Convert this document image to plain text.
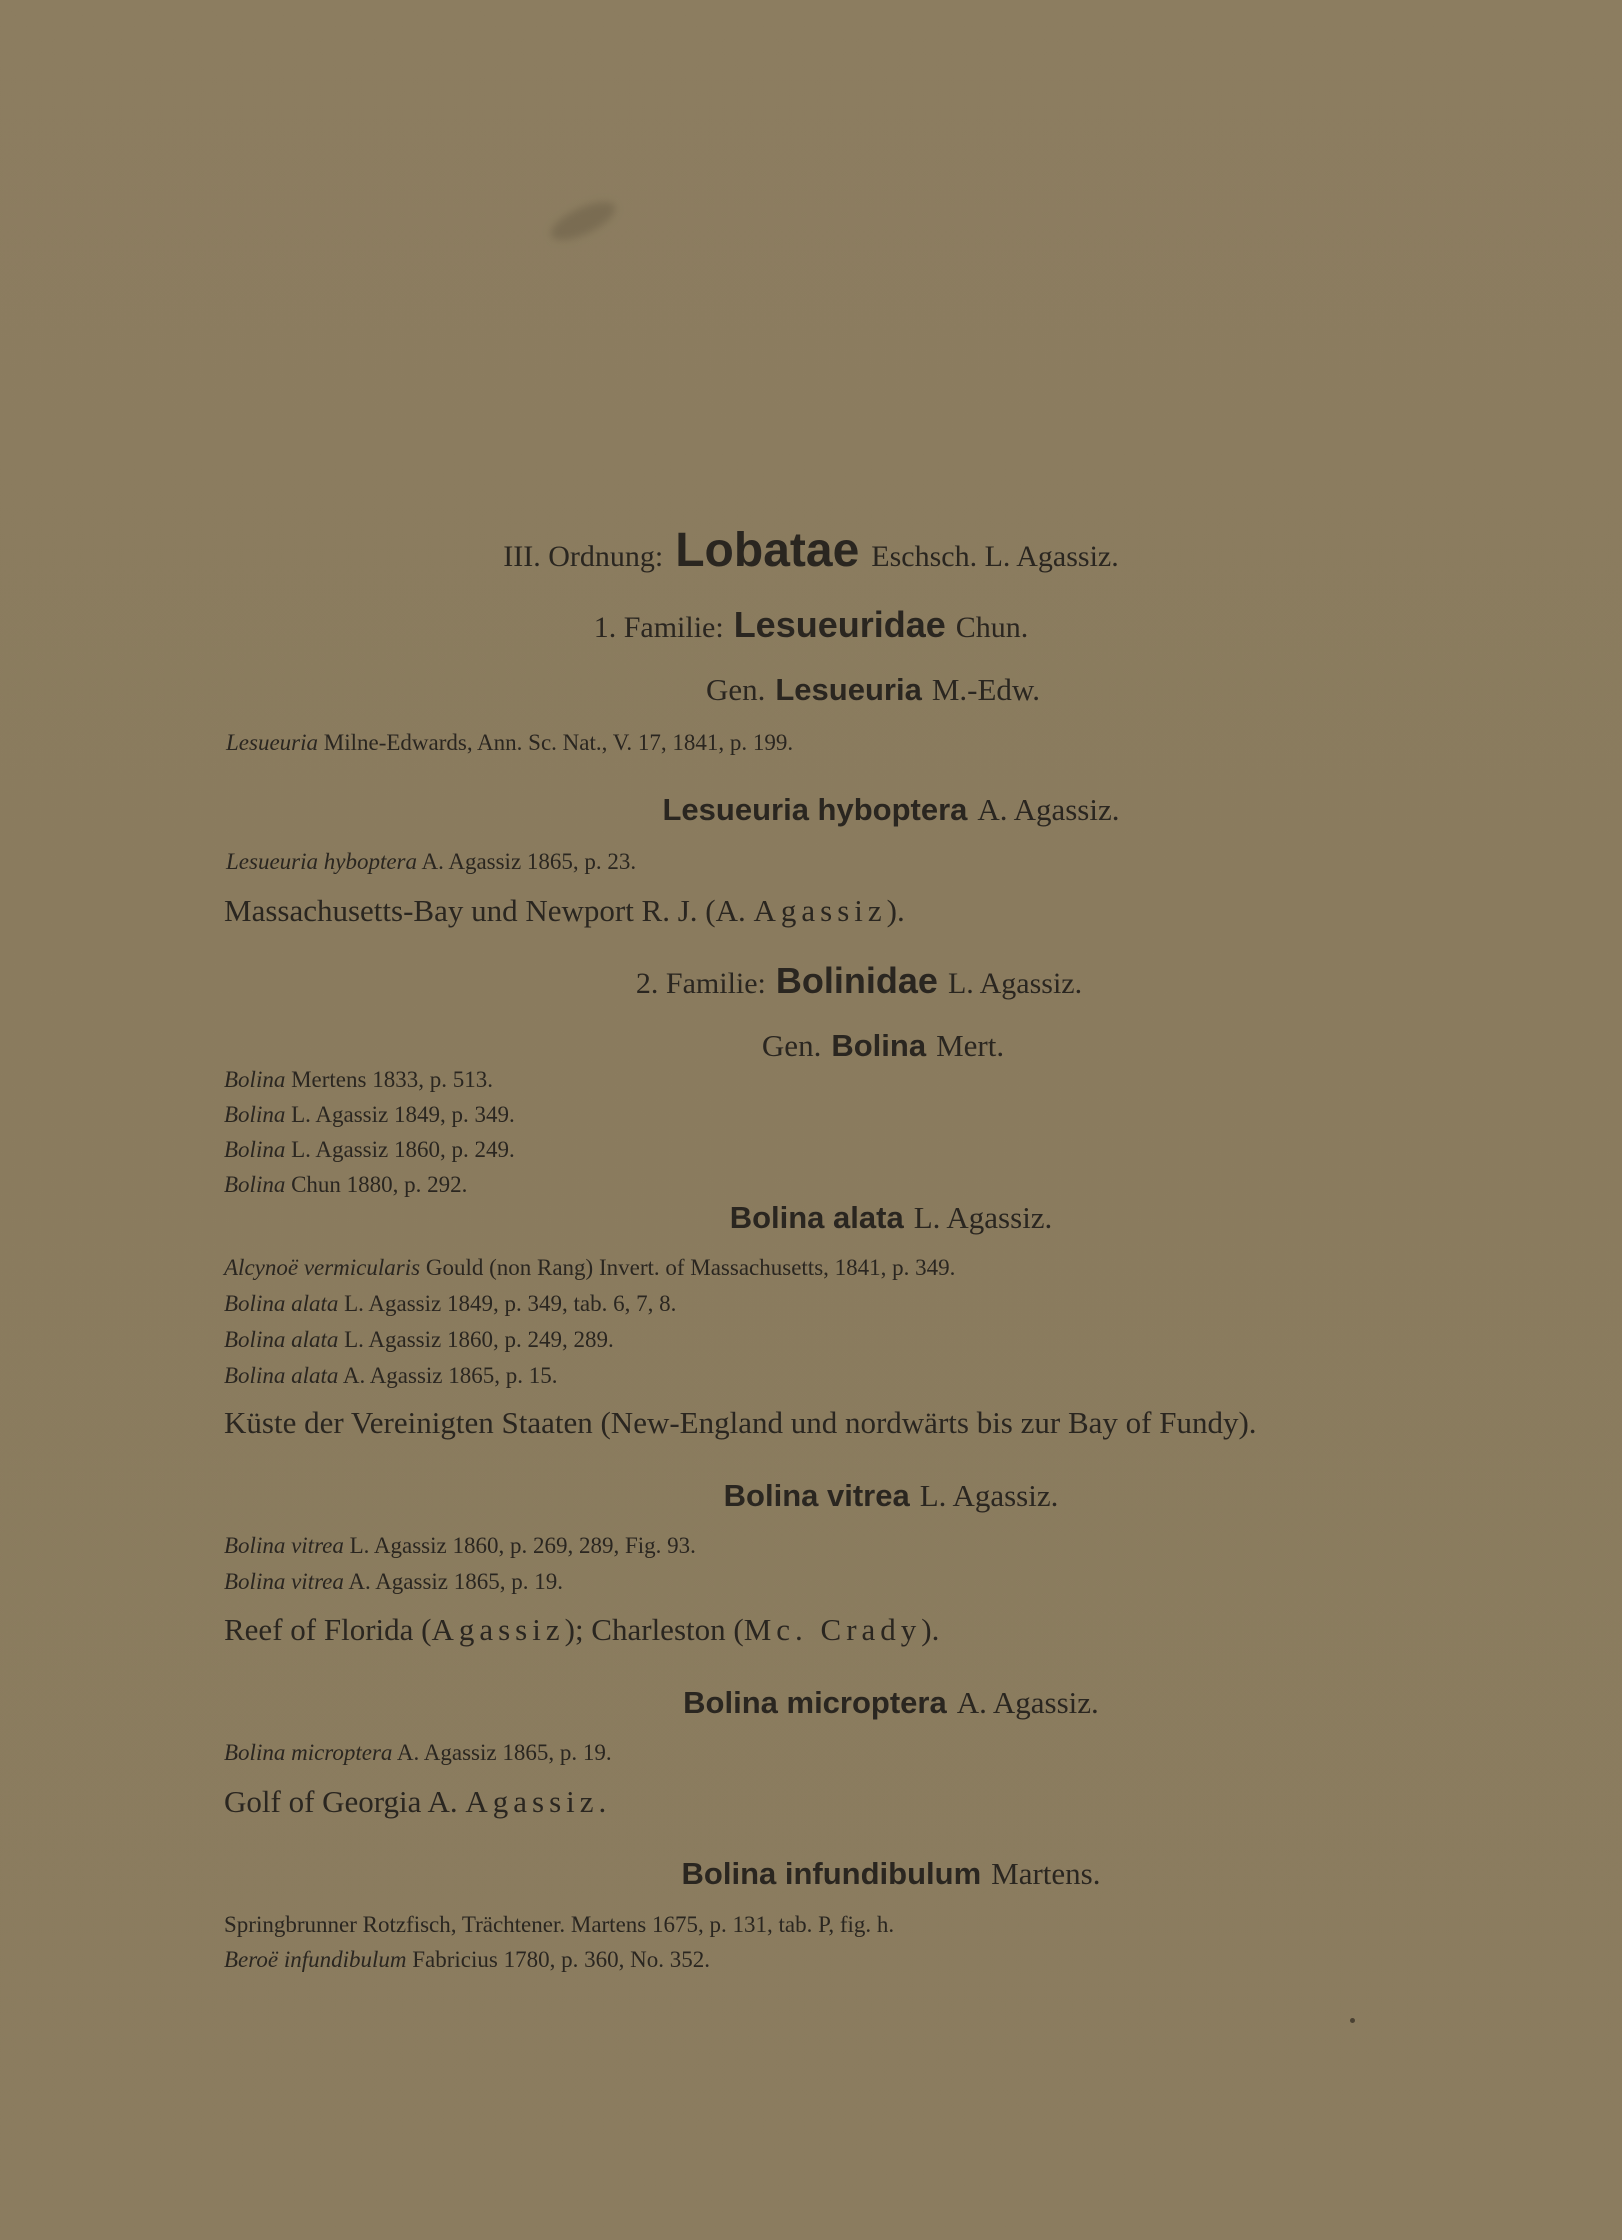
III. Ordnung: Lobatae Eschsch. L. Agassiz.
1. Familie: Lesueuridae Chun.
Gen. Lesueuria M.-Edw.
Lesueuria Milne-Edwards, Ann. Sc. Nat., V. 17, 1841, p. 199.
Lesueuria hyboptera A. Agassiz.
Lesueuria hyboptera A. Agassiz 1865, p. 23.
Massachusetts-Bay und Newport R. J. (A. Agassiz).
2. Familie: Bolinidae L. Agassiz.
Gen. Bolina Mert.
Bolina Mertens 1833, p. 513.
Bolina L. Agassiz 1849, p. 349.
Bolina L. Agassiz 1860, p. 249.
Bolina Chun 1880, p. 292.
Bolina alata L. Agassiz.
Alcynoë vermicularis Gould (non Rang) Invert. of Massachusetts, 1841, p. 349.
Bolina alata L. Agassiz 1849, p. 349, tab. 6, 7, 8.
Bolina alata L. Agassiz 1860, p. 249, 289.
Bolina alata A. Agassiz 1865, p. 15.
Küste der Vereinigten Staaten (New-England und nordwärts bis zur Bay of Fundy).
Bolina vitrea L. Agassiz.
Bolina vitrea L. Agassiz 1860, p. 269, 289, Fig. 93.
Bolina vitrea A. Agassiz 1865, p. 19.
Reef of Florida (Agassiz); Charleston (Mc. Crady).
Bolina microptera A. Agassiz.
Bolina microptera A. Agassiz 1865, p. 19.
Golf of Georgia A. Agassiz.
Bolina infundibulum Martens.
Springbrunner Rotzfisch, Trächtener. Martens 1675, p. 131, tab. P, fig. h.
Beroë infundibulum Fabricius 1780, p. 360, No. 352.
